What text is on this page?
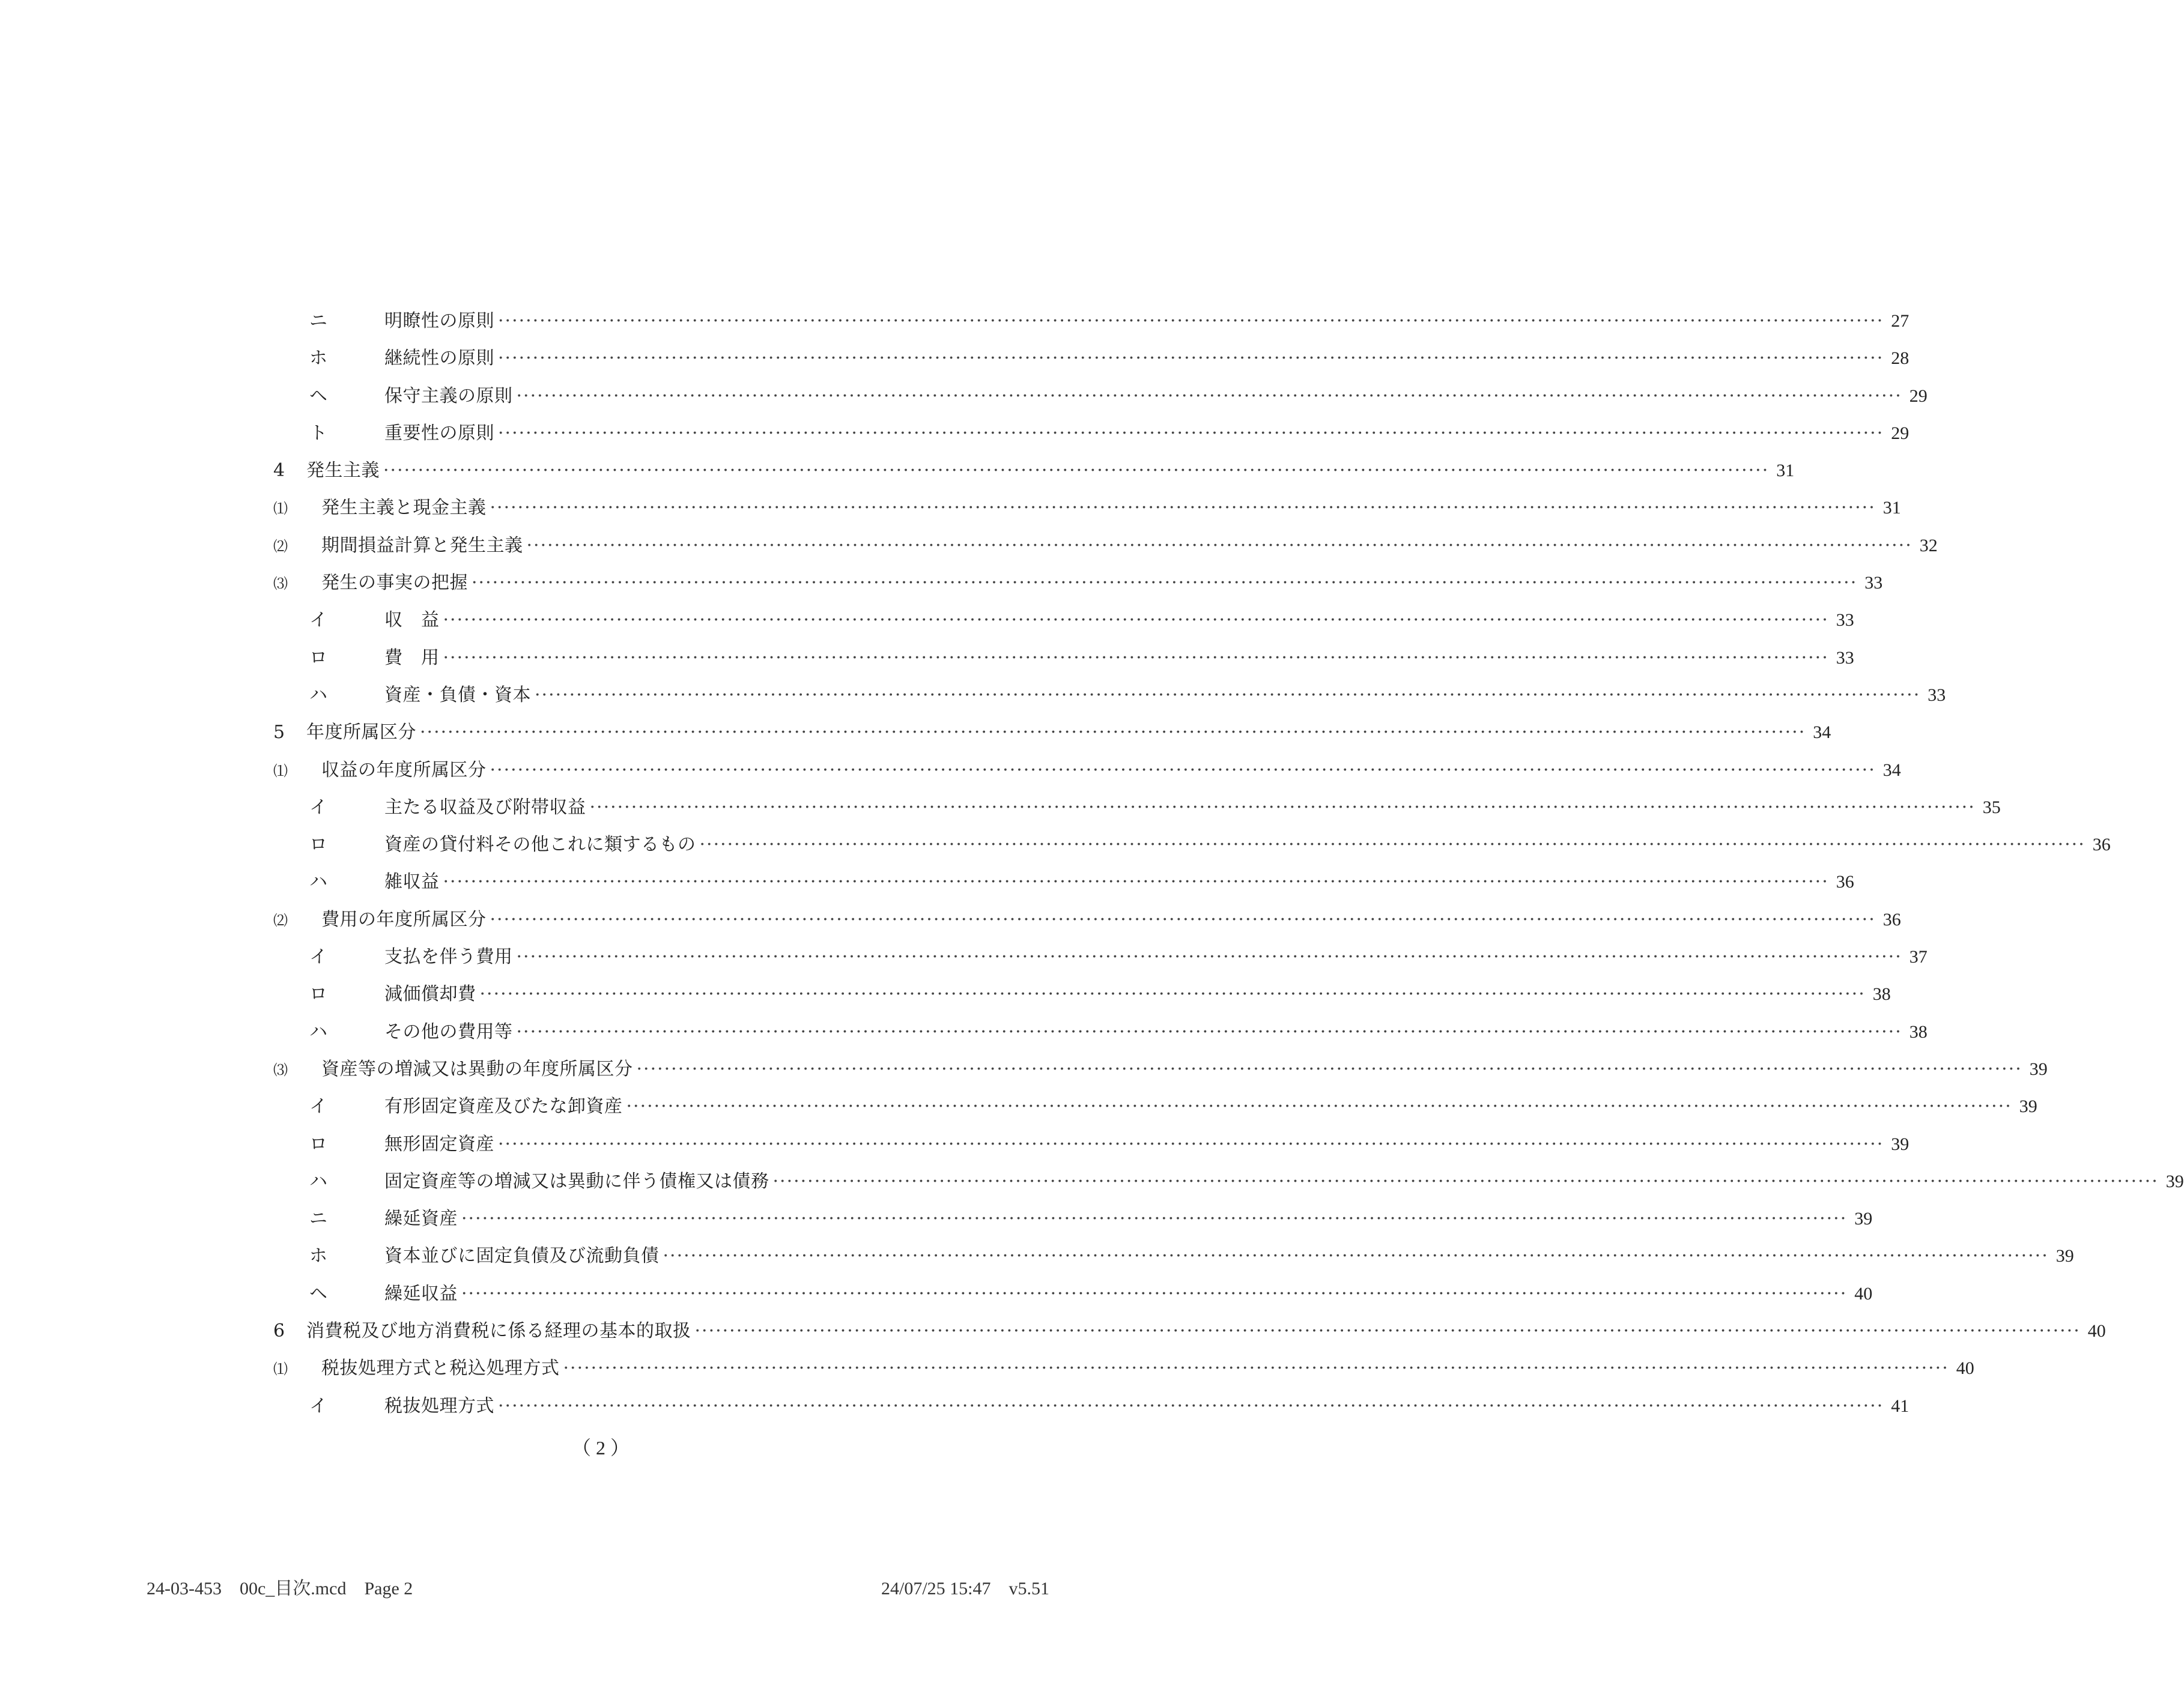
ニ	明瞭性の原則 ········································································································································································································ 27
ホ	継続性の原則 ········································································································································································································ 28
ヘ	保守主義の原則 ········································································································································································································ 29
ト	重要性の原則 ········································································································································································································ 29
4	発生主義 ········································································································································································································ 31
⑴	発生主義と現金主義 ········································································································································································································ 31
⑵	期間損益計算と発生主義 ········································································································································································································ 32
⑶	発生の事実の把握 ········································································································································································································ 33
イ	収　益 ········································································································································································································ 33
ロ	費　用 ········································································································································································································ 33
ハ	資産・負債・資本 ········································································································································································································ 33
5	年度所属区分 ········································································································································································································ 34
⑴	収益の年度所属区分 ········································································································································································································ 34
イ	主たる収益及び附帯収益 ········································································································································································································ 35
ロ	資産の貸付料その他これに類するもの ········································································································································································································ 36
ハ	雑収益 ········································································································································································································ 36
⑵	費用の年度所属区分 ········································································································································································································ 36
イ	支払を伴う費用 ········································································································································································································ 37
ロ	減価償却費 ········································································································································································································ 38
ハ	その他の費用等 ········································································································································································································ 38
⑶	資産等の増減又は異動の年度所属区分 ········································································································································································································ 39
イ	有形固定資産及びたな卸資産 ········································································································································································································ 39
ロ	無形固定資産 ········································································································································································································ 39
ハ	固定資産等の増減又は異動に伴う債権又は債務 ········································································································································································································ 39
ニ	繰延資産 ········································································································································································································ 39
ホ	資本並びに固定負債及び流動負債 ········································································································································································································ 39
ヘ	繰延収益 ········································································································································································································ 40
6	消費税及び地方消費税に係る経理の基本的取扱 ········································································································································································································ 40
⑴	税抜処理方式と税込処理方式 ········································································································································································································ 40
イ	税抜処理方式 ········································································································································································································ 41
（ 2 ）
24-03-453　00c_目次.mcd　Page 2	24/07/25 15:47　v5.51
